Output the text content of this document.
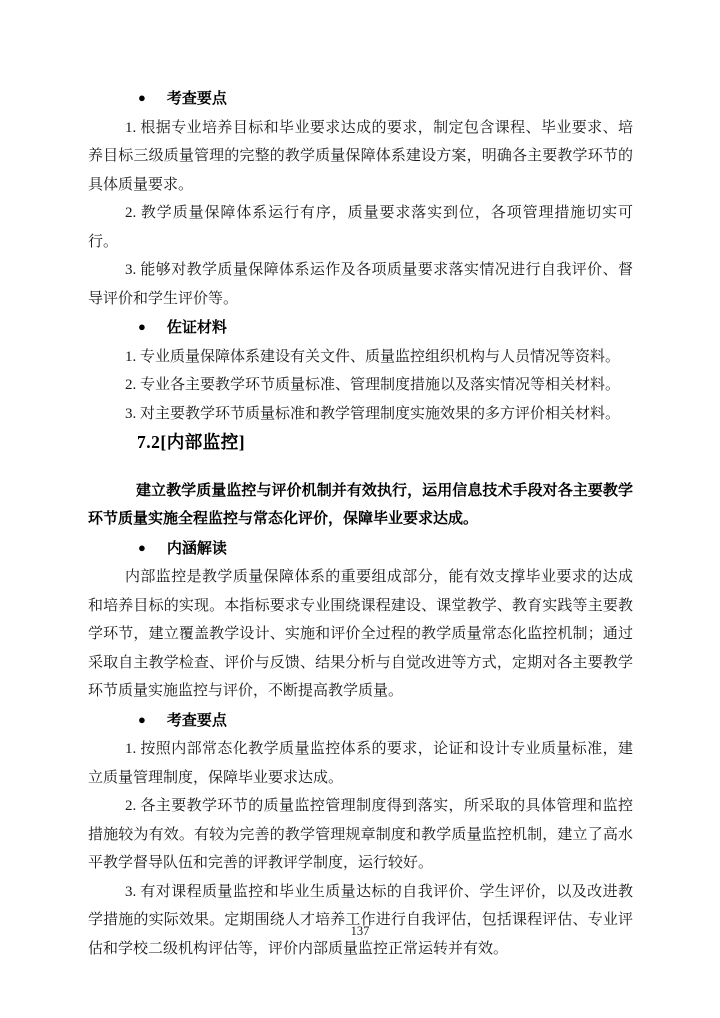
● 考查要点

1. 根据专业培养目标和毕业要求达成的要求，制定包含课程、毕业要求、培养目标三级质量管理的完整的教学质量保障体系建设方案，明确各主要教学环节的具体质量要求。

2. 教学质量保障体系运行有序，质量要求落实到位，各项管理措施切实可行。

3. 能够对教学质量保障体系运作及各项质量要求落实情况进行自我评价、督导评价和学生评价等。

● 佐证材料

1. 专业质量保障体系建设有关文件、质量监控组织机构与人员情况等资料。

2. 专业各主要教学环节质量标准、管理制度措施以及落实情况等相关材料。

3. 对主要教学环节质量标准和教学管理制度实施效果的多方评价相关材料。

7.2[内部监控]

建立教学质量监控与评价机制并有效执行，运用信息技术手段对各主要教学环节质量实施全程监控与常态化评价，保障毕业要求达成。

● 内涵解读

内部监控是教学质量保障体系的重要组成部分，能有效支撑毕业要求的达成和培养目标的实现。本指标要求专业围绕课程建设、课堂教学、教育实践等主要教学环节，建立覆盖教学设计、实施和评价全过程的教学质量常态化监控机制；通过采取自主教学检查、评价与反馈、结果分析与自觉改进等方式，定期对各主要教学环节质量实施监控与评价，不断提高教学质量。

● 考查要点

1. 按照内部常态化教学质量监控体系的要求，论证和设计专业质量标准，建立质量管理制度，保障毕业要求达成。

2. 各主要教学环节的质量监控管理制度得到落实，所采取的具体管理和监控措施较为有效。有较为完善的教学管理规章制度和教学质量监控机制，建立了高水平教学督导队伍和完善的评教评学制度，运行较好。

3. 有对课程质量监控和毕业生质量达标的自我评价、学生评价，以及改进教学措施的实际效果。定期围绕人才培养工作进行自我评估，包括课程评估、专业评估和学校二级机构评估等，评价内部质量监控正常运转并有效。

137
